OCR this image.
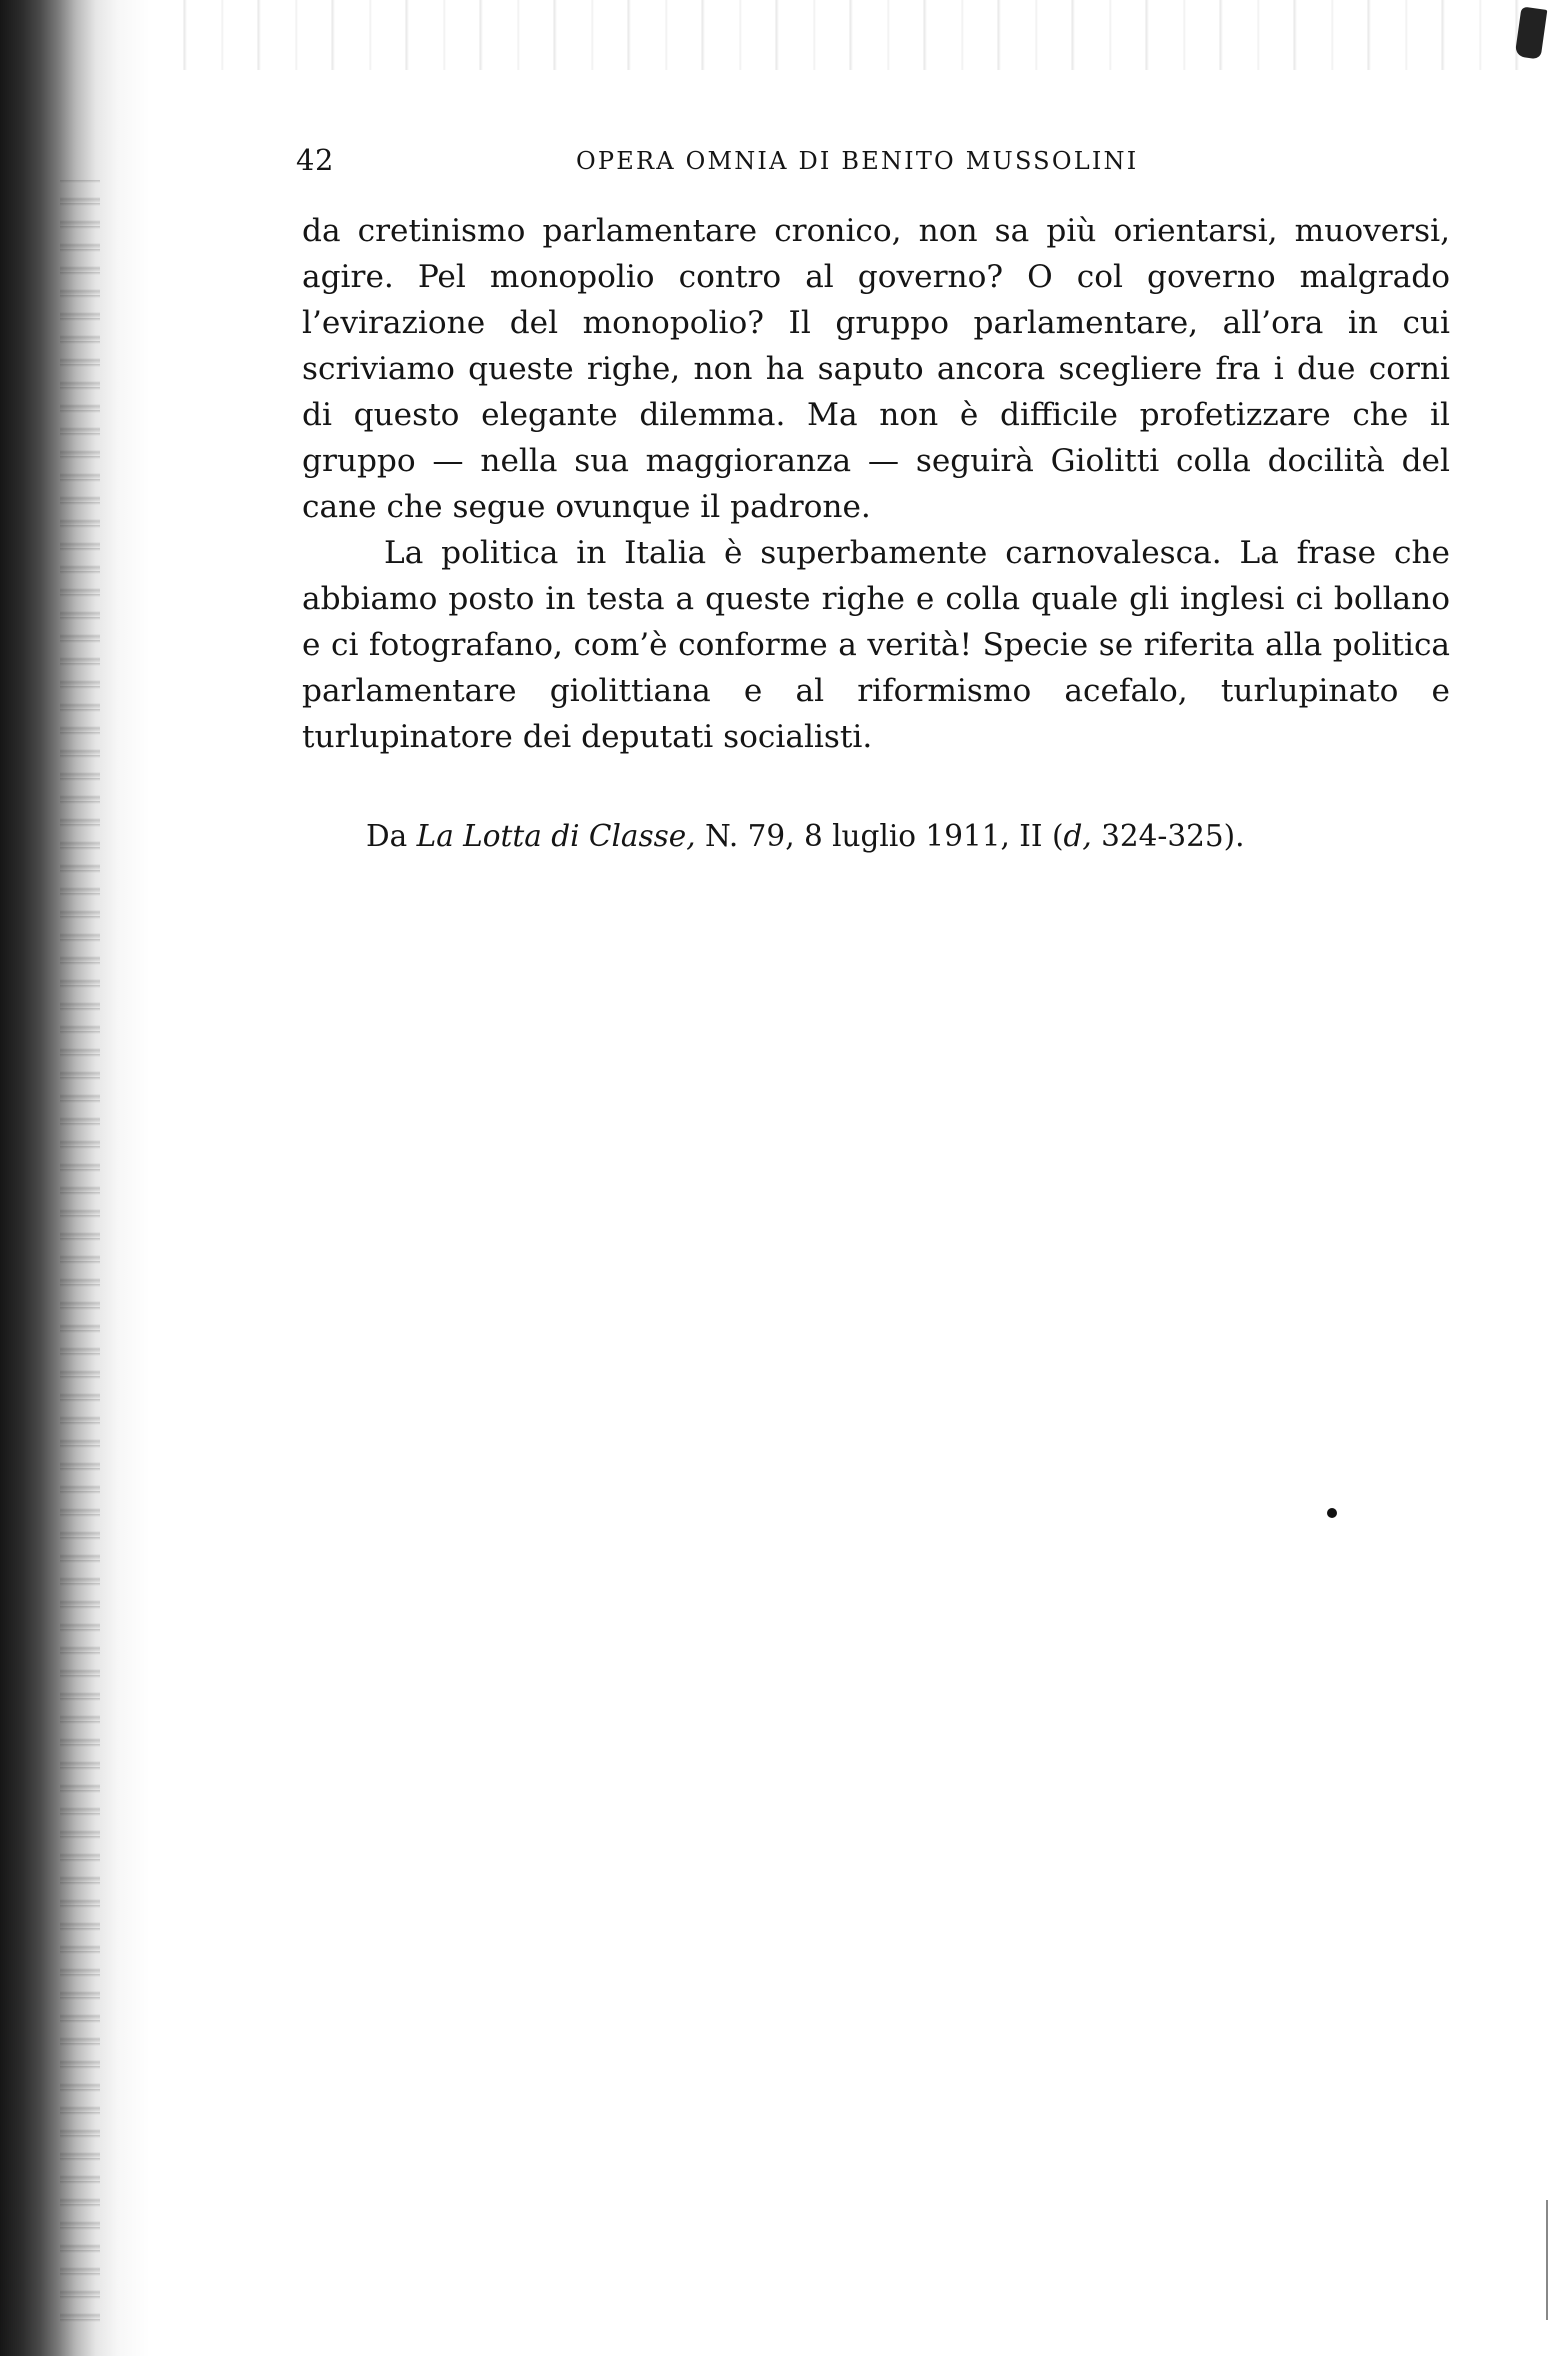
42	OPERA OMNIA DI BENITO MUSSOLINI

da cretinismo parlamentare cronico, non sa più orientarsi, muoversi, agire. Pel monopolio contro al governo? O col governo malgrado l’evirazione del monopolio? Il gruppo parlamentare, all’ora in cui scriviamo queste righe, non ha saputo ancora scegliere fra i due corni di questo elegante dilemma. Ma non è difficile profetizzare che il gruppo — nella sua maggioranza — seguirà Giolitti colla docilità del cane che segue ovunque il padrone.

La politica in Italia è superbamente carnovalesca. La frase che abbiamo posto in testa a queste righe e colla quale gli inglesi ci bollano e ci fotografano, com’è conforme a verità! Specie se riferita alla politica parlamentare giolittiana e al riformismo acefalo, turlupinato e turlupinatore dei deputati socialisti.

Da La Lotta di Classe, N. 79, 8 luglio 1911, II (d, 324-325).
